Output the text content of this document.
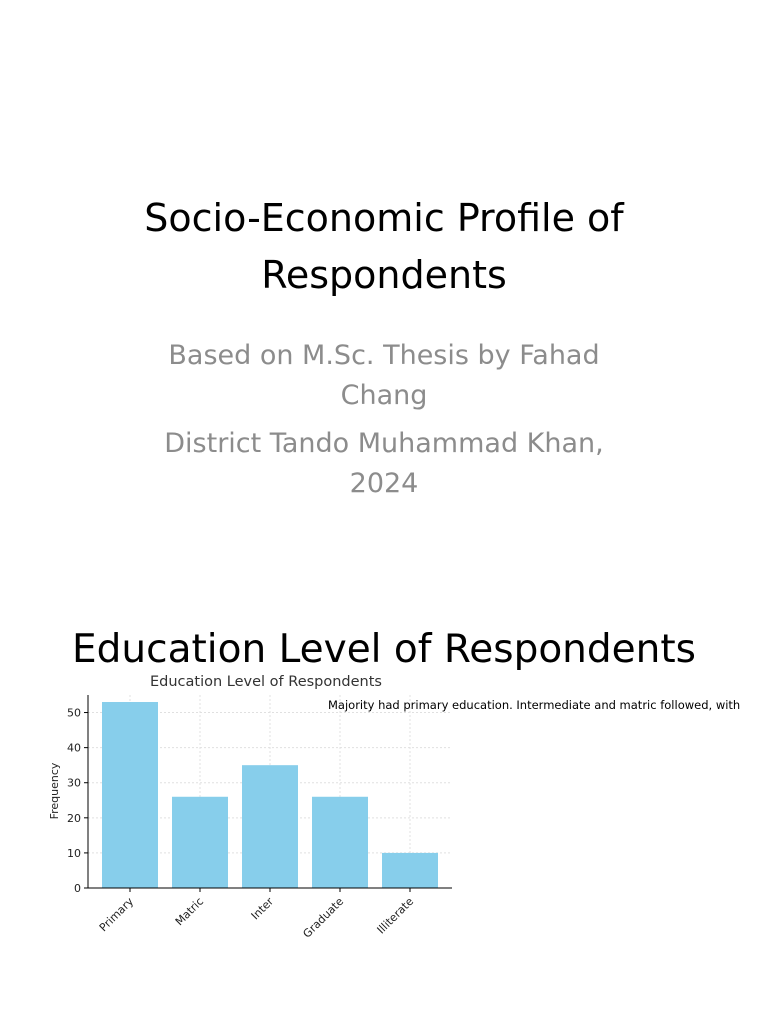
Socio-Economic Profile of Respondents

Based on M.Sc. Thesis by Fahad Chang

District Tando Muhammad Khan, 2024

Education Level of Respondents
0
10
20
30
40
50
Primary	Matric	Inter Graduate	Illiterate
Education Level of Respondents
Frequency
Majority had primary education. Intermediate and matric followed, with
